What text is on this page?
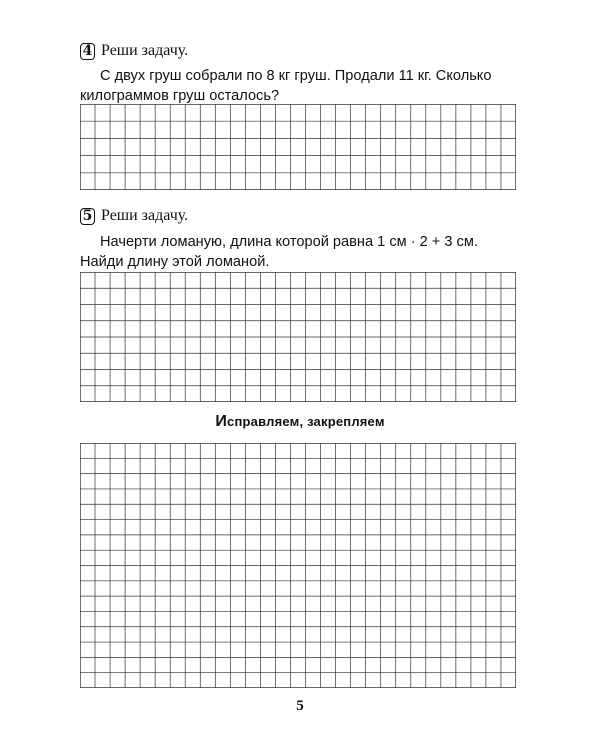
4 Реши задачу.
С двух груш собрали по 8 кг груш. Продали 11 кг. Сколько килограммов груш осталось?
5 Реши задачу.
Начерти ломаную, длина которой равна 1 см · 2 + 3 см. Найди длину этой ломаной.
Исправляем, закрепляем
5
